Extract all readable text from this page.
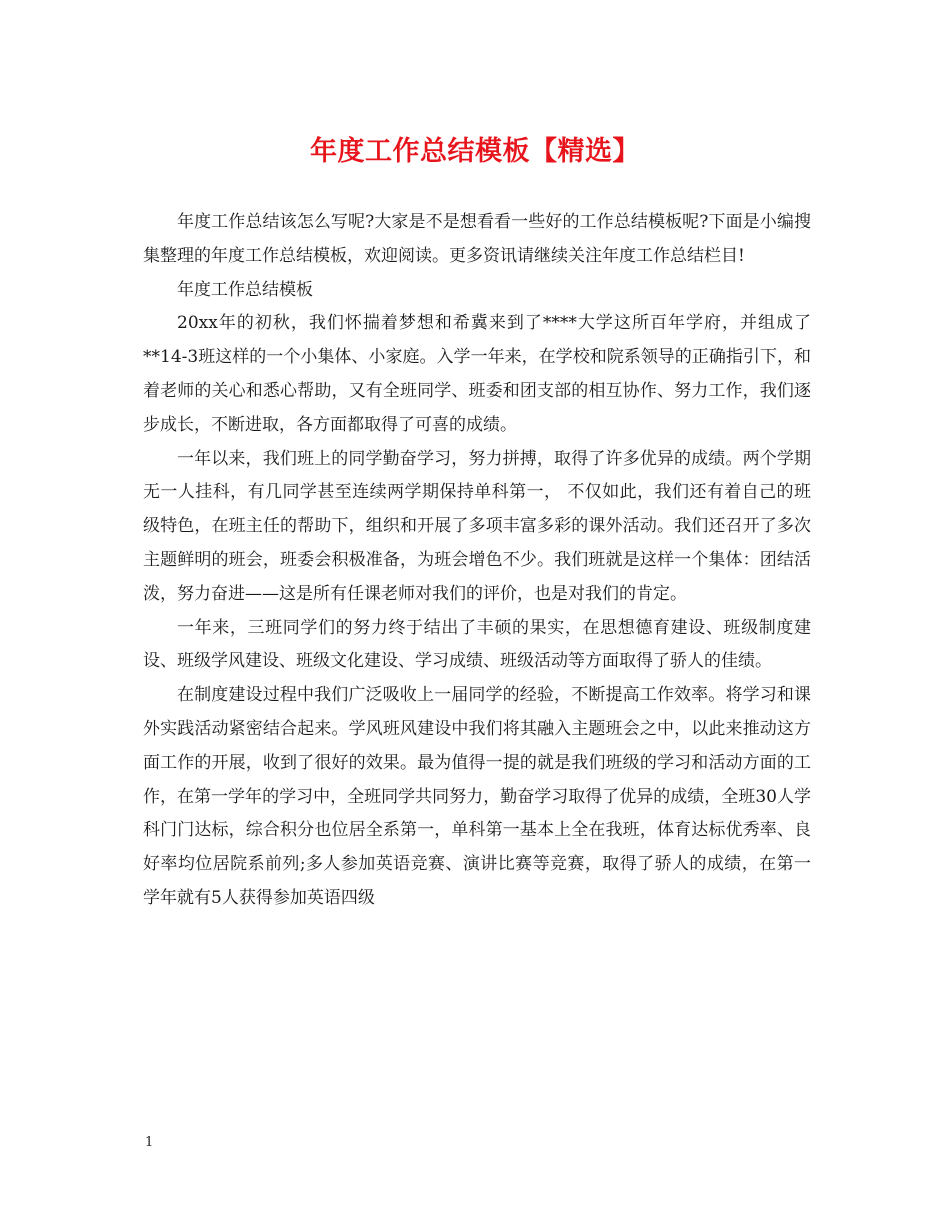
年度工作总结模板【精选】

年度工作总结该怎么写呢?大家是不是想看看一些好的工作总结模板呢?下面是小编搜集整理的年度工作总结模板，欢迎阅读。更多资讯请继续关注年度工作总结栏目!

年度工作总结模板

20xx年的初秋，我们怀揣着梦想和希冀来到了****大学这所百年学府，并组成了**14-3班这样的一个小集体、小家庭。入学一年来，在学校和院系领导的正确指引下，和着老师的关心和悉心帮助，又有全班同学、班委和团支部的相互协作、努力工作，我们逐步成长，不断进取，各方面都取得了可喜的成绩。

一年以来，我们班上的同学勤奋学习，努力拼搏，取得了许多优异的成绩。两个学期无一人挂科，有几同学甚至连续两学期保持单科第一， 不仅如此，我们还有着自己的班级特色，在班主任的帮助下，组织和开展了多项丰富多彩的课外活动。我们还召开了多次主题鲜明的班会，班委会积极准备，为班会增色不少。我们班就是这样一个集体：团结活泼，努力奋进——这是所有任课老师对我们的评价，也是对我们的肯定。

一年来，三班同学们的努力终于结出了丰硕的果实，在思想德育建设、班级制度建设、班级学风建设、班级文化建设、学习成绩、班级活动等方面取得了骄人的佳绩。

在制度建设过程中我们广泛吸收上一届同学的经验，不断提高工作效率。将学习和课外实践活动紧密结合起来。学风班风建设中我们将其融入主题班会之中，以此来推动这方面工作的开展，收到了很好的效果。最为值得一提的就是我们班级的学习和活动方面的工作，在第一学年的学习中，全班同学共同努力，勤奋学习取得了优异的成绩，全班30人学科门门达标，综合积分也位居全系第一，单科第一基本上全在我班，体育达标优秀率、良好率均位居院系前列;多人参加英语竞赛、演讲比赛等竞赛，取得了骄人的成绩，在第一学年就有5人获得参加英语四级

1
